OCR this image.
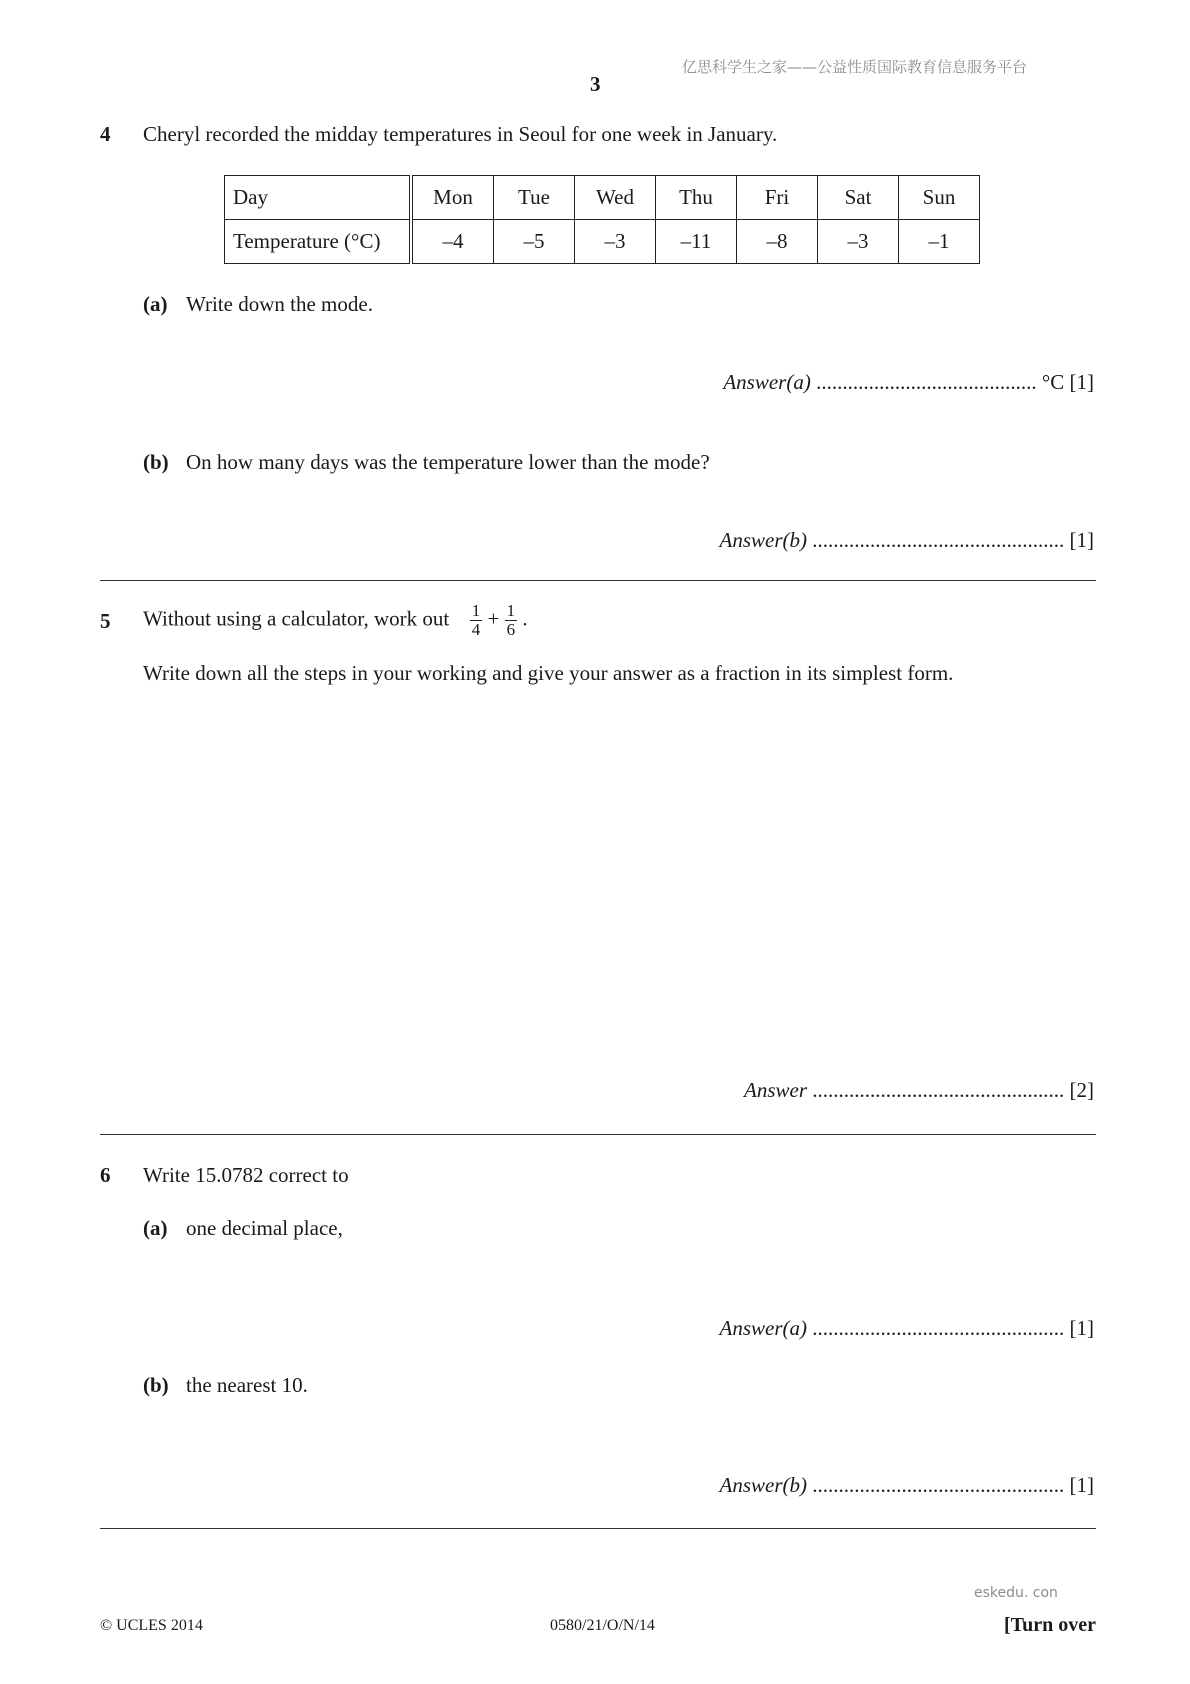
亿思科学生之家——公益性质国际教育信息服务平台
3
4 Cheryl recorded the midday temperatures in Seoul for one week in January.
Day	Mon	Tue	Wed	Thu	Fri	Sat	Sun
Temperature (°C)	–4	–5	–3	–11	–8	–3	–1
(a) Write down the mode.
Answer(a) .......................................... °C [1]
(b) On how many days was the temperature lower than the mode?
Answer(b) ................................................ [1]
5 Without using a calculator, work out $\frac{1}{4} + \frac{1}{6}$ .
Write down all the steps in your working and give your answer as a fraction in its simplest form.
Answer ................................................ [2]
6 Write 15.0782 correct to
(a) one decimal place,
Answer(a) ................................................ [1]
(b) the nearest 10.
Answer(b) ................................................ [1]
eskedu. con
© UCLES 2014	0580/21/O/N/14	[Turn over
